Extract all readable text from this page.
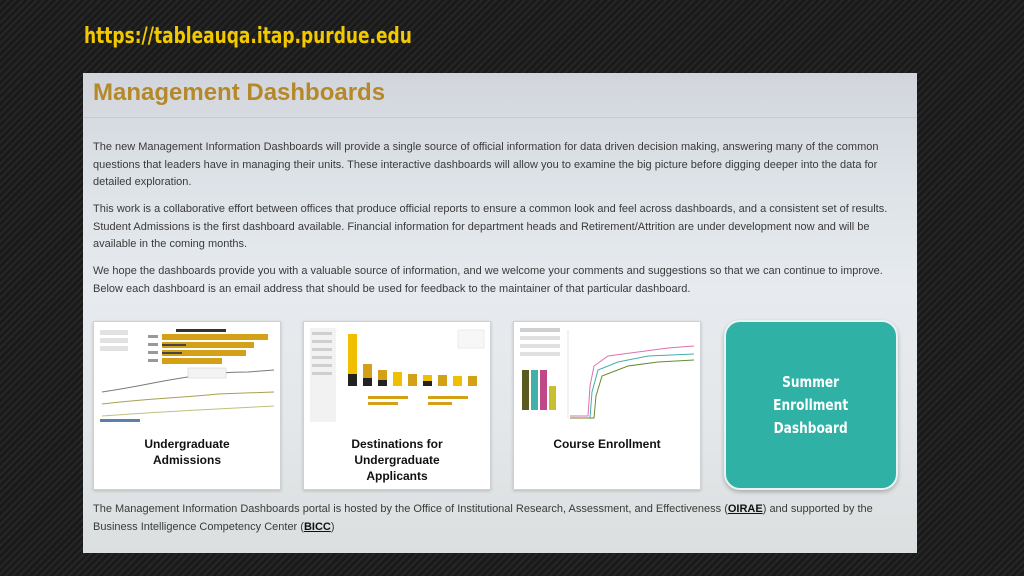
https://tableauqa.itap.purdue.edu
Management Dashboards

The new Management Information Dashboards will provide a single source of official information for data driven decision making, answering many of the common questions that leaders have in managing their units. These interactive dashboards will allow you to examine the big picture before digging deeper into the data for detailed exploration.

This work is a collaborative effort between offices that produce official reports to ensure a common look and feel across dashboards, and a consistent set of results. Student Admissions is the first dashboard available. Financial information for department heads and Retirement/Attrition are under development now and will be available in the coming months.

We hope the dashboards provide you with a valuable source of information, and we welcome your comments and suggestions so that we can continue to improve. Below each dashboard is an email address that should be used for feedback to the maintainer of that particular dashboard.

Undergraduate
Admissions
Destinations for
Undergraduate
Applicants
Course Enrollment
Summer
Enrollment
Dashboard

The Management Information Dashboards portal is hosted by the Office of Institutional Research, Assessment, and Effectiveness (OIRAE) and supported by the Business Intelligence Competency Center (BICC)
